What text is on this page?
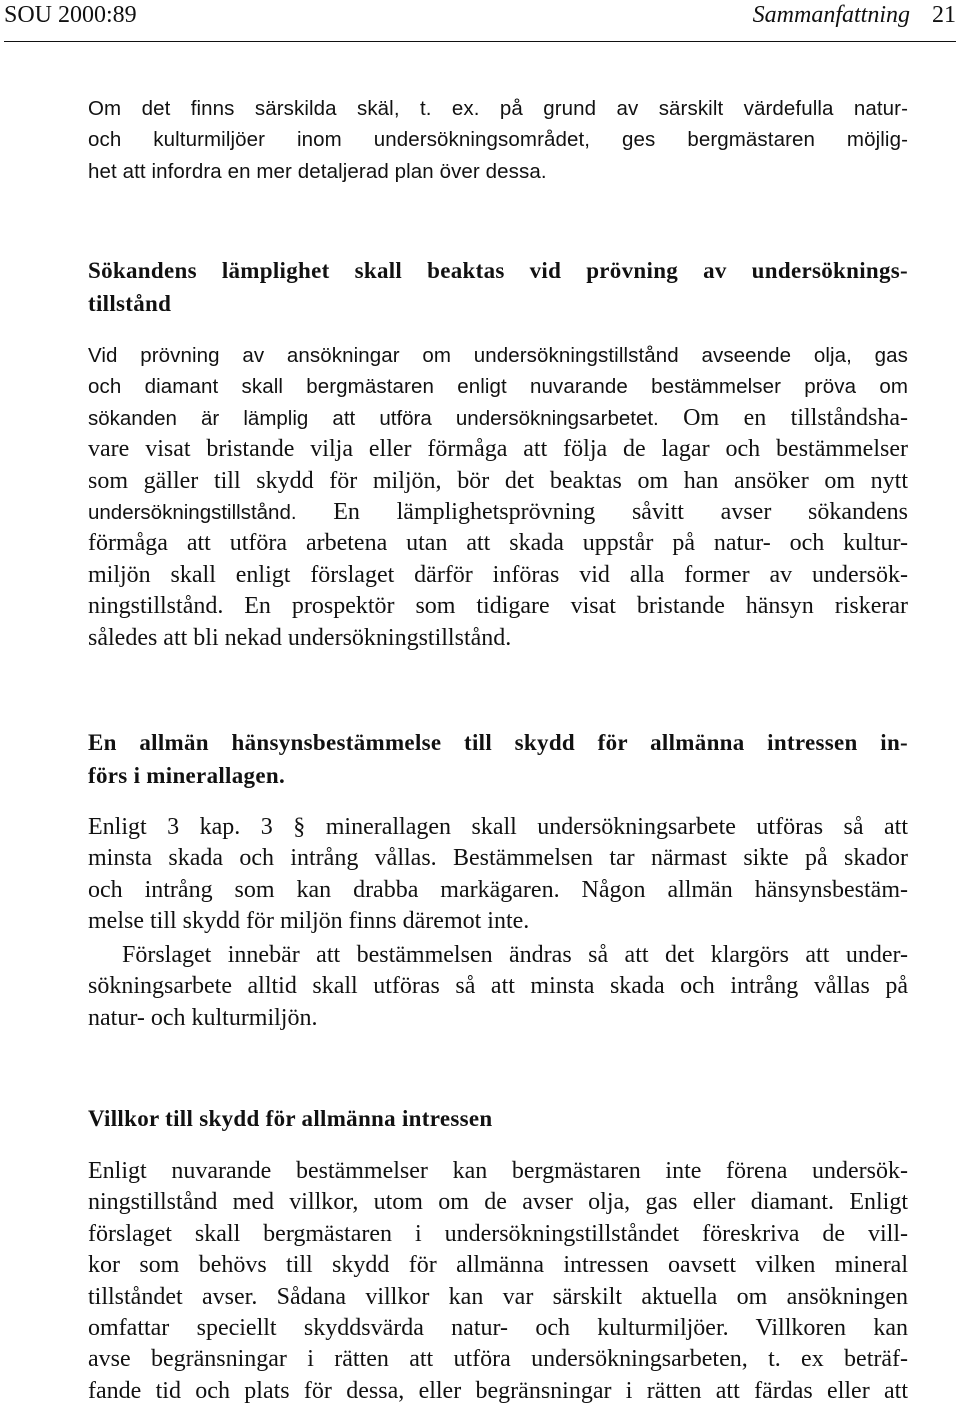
SOU 2000:89	Sammanfattning 21
Om det finns särskilda skäl, t. ex. på grund av särskilt värdefulla natur-
och kulturmiljöer inom undersökningsområdet, ges bergmästaren möjlig-
het att infordra en mer detaljerad plan över dessa.
Sökandens lämplighet skall beaktas vid prövning av undersöknings-
tillstånd
Vid prövning av ansökningar om undersökningstillstånd avseende olja, gas
och diamant skall bergmästaren enligt nuvarande bestämmelser pröva om
sökanden är lämplig att utföra undersökningsarbetet. Om en tillståndsha-
vare visat bristande vilja eller förmåga att följa de lagar och bestämmelser
som gäller till skydd för miljön, bör det beaktas om han ansöker om nytt
undersökningstillstånd. En lämplighetsprövning såvitt avser sökandens
förmåga att utföra arbetena utan att skada uppstår på natur- och kultur-
miljön skall enligt förslaget därför införas vid alla former av undersök-
ningstillstånd. En prospektör som tidigare visat bristande hänsyn riskerar
således att bli nekad undersökningstillstånd.
En allmän hänsynsbestämmelse till skydd för allmänna intressen in-
förs i minerallagen.
Enligt 3 kap. 3 § minerallagen skall undersökningsarbete utföras så att
minsta skada och intrång vållas. Bestämmelsen tar närmast sikte på skador
och intrång som kan drabba markägaren. Någon allmän hänsynsbestäm-
melse till skydd för miljön finns däremot inte.
Förslaget innebär att bestämmelsen ändras så att det klargörs att under-
sökningsarbete alltid skall utföras så att minsta skada och intrång vållas på
natur- och kulturmiljön.
Villkor till skydd för allmänna intressen
Enligt nuvarande bestämmelser kan bergmästaren inte förena undersök-
ningstillstånd med villkor, utom om de avser olja, gas eller diamant. Enligt
förslaget skall bergmästaren i undersökningstillståndet föreskriva de vill-
kor som behövs till skydd för allmänna intressen oavsett vilken mineral
tillståndet avser. Sådana villkor kan var särskilt aktuella om ansökningen
omfattar speciellt skyddsvärda natur- och kulturmiljöer. Villkoren kan
avse begränsningar i rätten att utföra undersökningsarbeten, t. ex beträf-
fande tid och plats för dessa, eller begränsningar i rätten att färdas eller att
